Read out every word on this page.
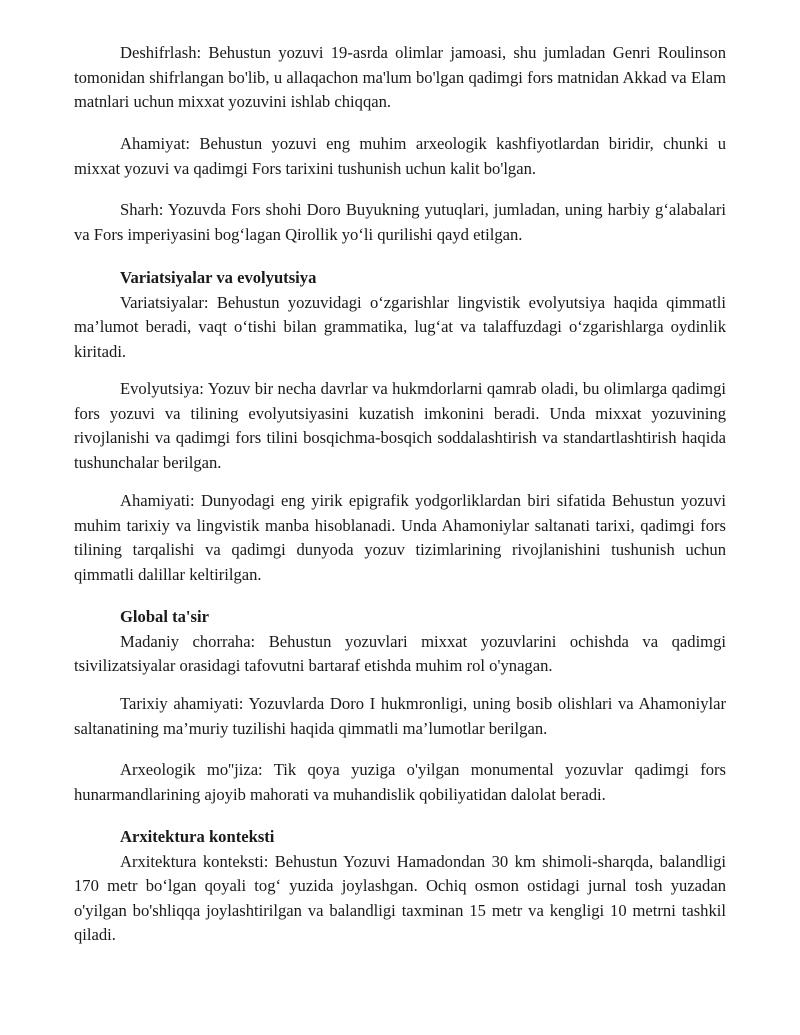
Deshifrlash: Behustun yozuvi 19-asrda olimlar jamoasi, shu jumladan Genri Roulinson tomonidan shifrlangan bo'lib, u allaqachon ma'lum bo'lgan qadimgi fors matnidan Akkad va Elam matnlari uchun mixxat yozuvini ishlab chiqqan.

Ahamiyat: Behustun yozuvi eng muhim arxeologik kashfiyotlardan biridir, chunki u mixxat yozuvi va qadimgi Fors tarixini tushunish uchun kalit bo'lgan.

Sharh: Yozuvda Fors shohi Doro Buyukning yutuqlari, jumladan, uning harbiy g‘alabalari va Fors imperiyasini bog‘lagan Qirollik yo‘li qurilishi qayd etilgan.

Variatsiyalar va evolyutsiya

Variatsiyalar: Behustun yozuvidagi o‘zgarishlar lingvistik evolyutsiya haqida qimmatli ma’lumot beradi, vaqt o‘tishi bilan grammatika, lug‘at va talaffuzdagi o‘zgarishlarga oydinlik kiritadi.

Evolyutsiya: Yozuv bir necha davrlar va hukmdorlarni qamrab oladi, bu olimlarga qadimgi fors yozuvi va tilining evolyutsiyasini kuzatish imkonini beradi. Unda mixxat yozuvining rivojlanishi va qadimgi fors tilini bosqichma-bosqich soddalashtirish va standartlashtirish haqida tushunchalar berilgan.

Ahamiyati: Dunyodagi eng yirik epigrafik yodgorliklardan biri sifatida Behustun yozuvi muhim tarixiy va lingvistik manba hisoblanadi. Unda Ahamoniylar saltanati tarixi, qadimgi fors tilining tarqalishi va qadimgi dunyoda yozuv tizimlarining rivojlanishini tushunish uchun qimmatli dalillar keltirilgan.

Global ta'sir

Madaniy chorraha: Behustun yozuvlari mixxat yozuvlarini ochishda va qadimgi tsivilizatsiyalar orasidagi tafovutni bartaraf etishda muhim rol o'ynagan.

Tarixiy ahamiyati: Yozuvlarda Doro I hukmronligi, uning bosib olishlari va Ahamoniylar saltanatining ma’muriy tuzilishi haqida qimmatli ma’lumotlar berilgan.

Arxeologik mo''jiza: Tik qoya yuziga o'yilgan monumental yozuvlar qadimgi fors hunarmandlarining ajoyib mahorati va muhandislik qobiliyatidan dalolat beradi.

Arxitektura konteksti

Arxitektura konteksti: Behustun Yozuvi Hamadondan 30 km shimoli-sharqda, balandligi 170 metr bo‘lgan qoyali tog‘ yuzida joylashgan. Ochiq osmon ostidagi jurnal tosh yuzadan o'yilgan bo'shliqqa joylashtirilgan va balandligi taxminan 15 metr va kengligi 10 metrni tashkil qiladi.
